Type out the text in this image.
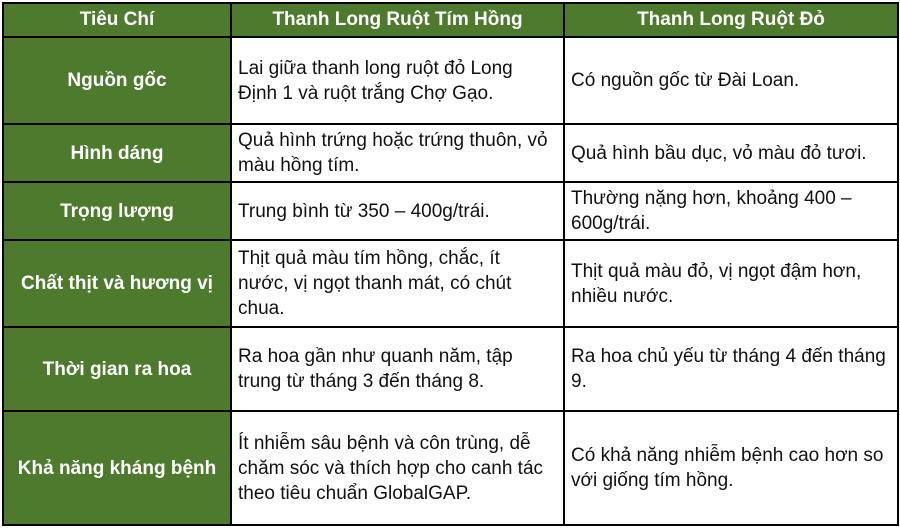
Tiêu Chí	Thanh Long Ruột Tím Hồng	Thanh Long Ruột Đỏ
Nguồn gốc	Lai giữa thanh long ruột đỏ Long Định 1 và ruột trắng Chợ Gạo.	Có nguồn gốc từ Đài Loan.
Hình dáng	Quả hình trứng hoặc trứng thuôn, vỏ màu hồng tím.	Quả hình bầu dục, vỏ màu đỏ tươi.
Trọng lượng	Trung bình từ 350 – 400g/trái.	Thường nặng hơn, khoảng 400 – 600g/trái.
Chất thịt và hương vị	Thịt quả màu tím hồng, chắc, ít nước, vị ngọt thanh mát, có chút chua.	Thịt quả màu đỏ, vị ngọt đậm hơn, nhiều nước.
Thời gian ra hoa	Ra hoa gần như quanh năm, tập trung từ tháng 3 đến tháng 8.	Ra hoa chủ yếu từ tháng 4 đến tháng 9.
Khả năng kháng bệnh	Ít nhiễm sâu bệnh và côn trùng, dễ chăm sóc và thích hợp cho canh tác theo tiêu chuẩn GlobalGAP.	Có khả năng nhiễm bệnh cao hơn so với giống tím hồng.
